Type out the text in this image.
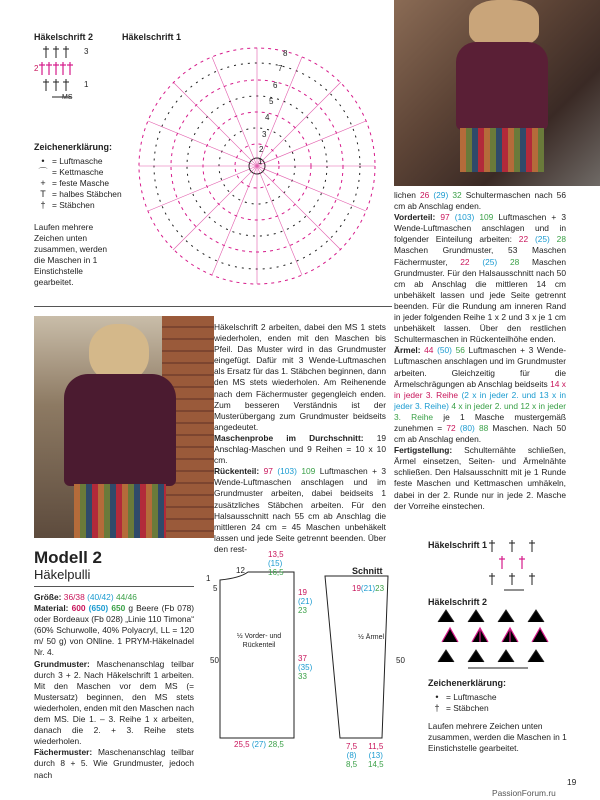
Häkelschrift 2
3
2
1
MS
Häkelschrift 1
8
7
6
5
4
3
2
1
Zeichenerklärung:
• = Luftmasche
⌒ = Kettmasche
+ = feste Masche
T = halbes Stäbchen
† = Stäbchen
Laufen mehrere Zeichen unten zusammen, werden die Maschen in 1 Einstichstelle gearbeitet.
Modell 2
Häkelpulli

Größe: 36/38 (40/42) 44/46

Material: 600 (650) 650 g Beere (Fb 078) oder Bordeaux (Fb 028) „Linie 110 Timona“ (60% Schurwolle, 40% Polyacryl, LL = 120 m/ 50 g) von ONline. 1 PRYM-Häkelnadel Nr. 4.

Grundmuster: Maschenanschlag teilbar durch 3 + 2. Nach Häkelschrift 1 arbeiten. Mit den Maschen vor dem MS (= Mustersatz) beginnen, den MS stets wiederholen, enden mit den Maschen nach dem MS. Die 1. – 3. Reihe 1 x arbeiten, danach die 2. + 3. Reihe stets wiederholen.

Fächermuster: Maschenanschlag teilbar durch 8 + 5. Wie Grundmuster, jedoch nach

Häkelschrift 2 arbeiten, dabei den MS 1 stets wiederholen, enden mit den Maschen bis Pfeil. Das Muster wird in das Grundmuster eingefügt. Dafür mit 3 Wende-Luftmaschen als Ersatz für das 1. Stäbchen beginnen, dann den MS stets wiederholen. Am Reihenende nach dem Fächermuster gegengleich enden. Zum besseren Verständnis ist der Musterübergang zum Grundmuster beidseits angedeutet.

Maschenprobe im Durchschnitt: 19 Anschlag-Maschen und 9 Reihen = 10 x 10 cm.

Rückenteil: 97 (103) 109 Luftmaschen + 3 Wende-Luftmaschen anschlagen und im Grundmuster arbeiten, dabei beidseits 1 zusätzliches Stäbchen arbeiten. Für den Halsausschnitt nach 55 cm ab Anschlag die mittleren 24 cm = 45 Maschen unbehäkelt lassen und jede Seite getrennt beenden. Über den rest-

lichen 26 (29) 32 Schultermaschen nach 56 cm ab Anschlag enden.

Vorderteil: 97 (103) 109 Luftmaschen + 3 Wende-Luftmaschen anschlagen und in folgender Einteilung arbeiten: 22 (25) 28 Maschen Grundmuster, 53 Maschen Fächermuster, 22 (25) 28 Maschen Grundmuster. Für den Halsausschnitt nach 50 cm ab Anschlag die mittleren 14 cm unbehäkelt lassen und jede Seite getrennt beenden. Für die Rundung am inneren Rand in jeder folgenden Reihe 1 x 2 und 3 x je 1 cm unbehäkelt lassen. Über den restlichen Schultermaschen in Rückenteilhöhe enden.

Ärmel: 44 (50) 56 Luftmaschen + 3 Wende-Luftmaschen anschlagen und im Grundmuster arbeiten. Gleichzeitig für die Ärmelschrägungen ab Anschlag beidseits 14 x in jeder 3. Reihe (2 x in jeder 2. und 13 x in jeder 3. Reihe) 4 x in jeder 2. und 12 x in jeder 3. Reihe je 1 Masche mustergemäß zunehmen = 72 (80) 88 Maschen. Nach 50 cm ab Anschlag enden.

Fertigstellung: Schulternähte schließen, Ärmel einsetzen, Seiten- und Ärmelnähte schließen. Den Halsausschnitt mit je 1 Runde feste Maschen und Kettmaschen umhäkeln, dabei in der 2. Runde nur in jede 2. Masche der Vorreihe einstechen.

Schnitt
13,5
(15)
16,5
12
1
5
50
19
(21)
23
37
(35)
33
½ Vorder- und Rückenteil
½ Ärmel
25,5 (27) 28,5
19(21)23
50
7,5
(8)
8,5
11,5
(13)
14,5
Häkelschrift 1
Häkelschrift 2
Zeichenerklärung:
• = Luftmasche
† = Stäbchen
Laufen mehrere Zeichen unten zusammen, werden die Maschen in 1 Einstichstelle gearbeitet.
19
PassionForum.ru
